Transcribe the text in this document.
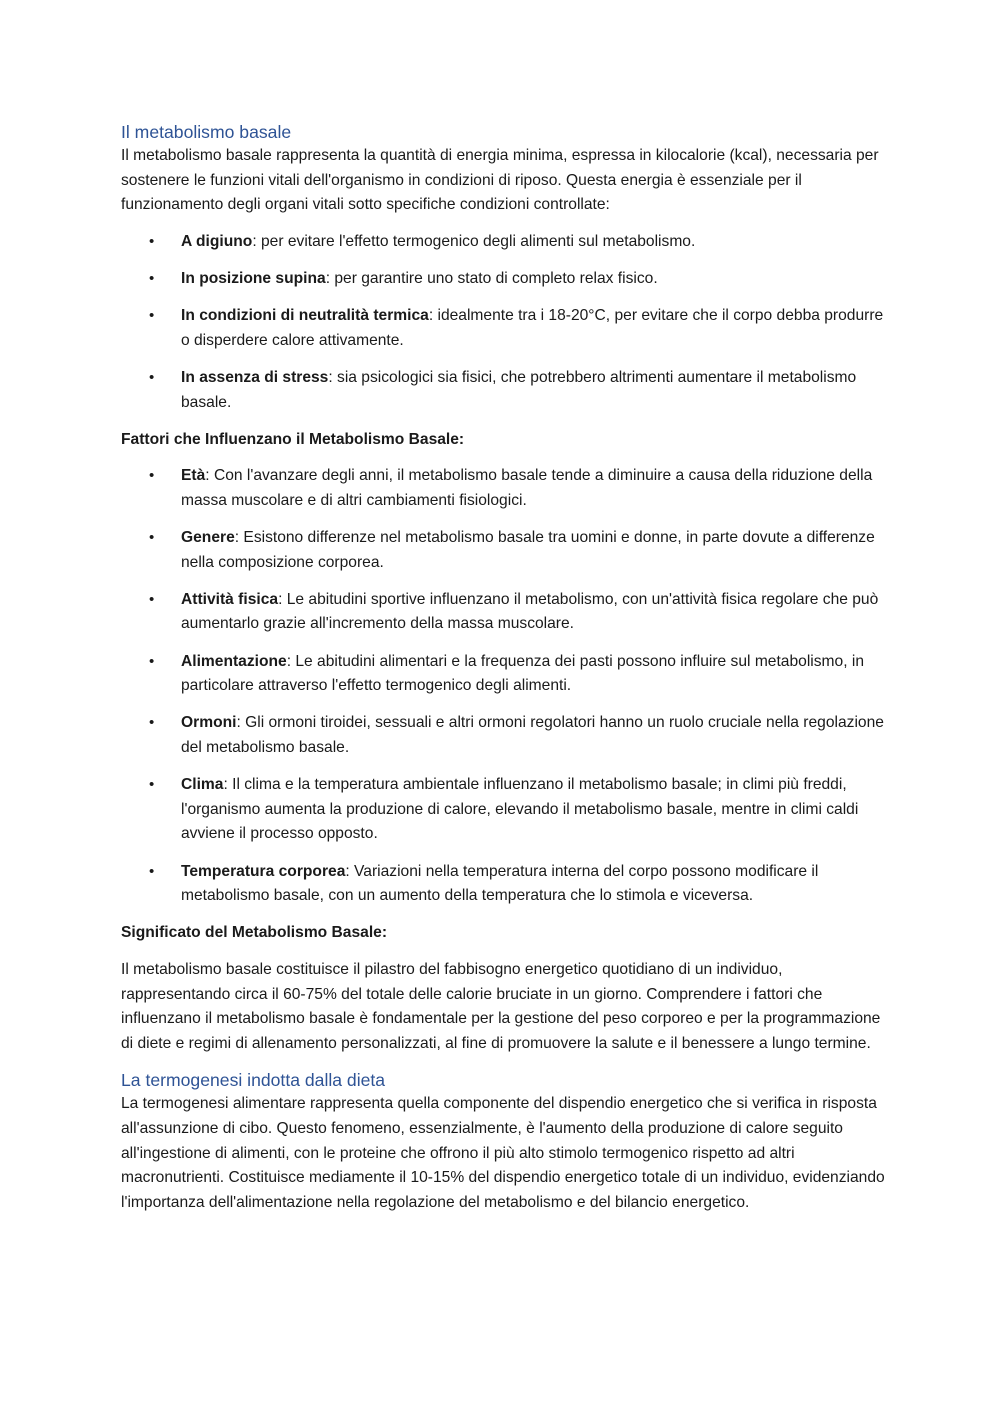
Il metabolismo basale

Il metabolismo basale rappresenta la quantità di energia minima, espressa in kilocalorie (kcal), necessaria per sostenere le funzioni vitali dell'organismo in condizioni di riposo. Questa energia è essenziale per il funzionamento degli organi vitali sotto specifiche condizioni controllate:

• A digiuno: per evitare l'effetto termogenico degli alimenti sul metabolismo.
• In posizione supina: per garantire uno stato di completo relax fisico.
• In condizioni di neutralità termica: idealmente tra i 18-20°C, per evitare che il corpo debba produrre o disperdere calore attivamente.
• In assenza di stress: sia psicologici sia fisici, che potrebbero altrimenti aumentare il metabolismo basale.

Fattori che Influenzano il Metabolismo Basale:

• Età: Con l'avanzare degli anni, il metabolismo basale tende a diminuire a causa della riduzione della massa muscolare e di altri cambiamenti fisiologici.
• Genere: Esistono differenze nel metabolismo basale tra uomini e donne, in parte dovute a differenze nella composizione corporea.
• Attività fisica: Le abitudini sportive influenzano il metabolismo, con un'attività fisica regolare che può aumentarlo grazie all'incremento della massa muscolare.
• Alimentazione: Le abitudini alimentari e la frequenza dei pasti possono influire sul metabolismo, in particolare attraverso l'effetto termogenico degli alimenti.
• Ormoni: Gli ormoni tiroidei, sessuali e altri ormoni regolatori hanno un ruolo cruciale nella regolazione del metabolismo basale.
• Clima: Il clima e la temperatura ambientale influenzano il metabolismo basale; in climi più freddi, l'organismo aumenta la produzione di calore, elevando il metabolismo basale, mentre in climi caldi avviene il processo opposto.
• Temperatura corporea: Variazioni nella temperatura interna del corpo possono modificare il metabolismo basale, con un aumento della temperatura che lo stimola e viceversa.

Significato del Metabolismo Basale:

Il metabolismo basale costituisce il pilastro del fabbisogno energetico quotidiano di un individuo, rappresentando circa il 60-75% del totale delle calorie bruciate in un giorno. Comprendere i fattori che influenzano il metabolismo basale è fondamentale per la gestione del peso corporeo e per la programmazione di diete e regimi di allenamento personalizzati, al fine di promuovere la salute e il benessere a lungo termine.

La termogenesi indotta dalla dieta

La termogenesi alimentare rappresenta quella componente del dispendio energetico che si verifica in risposta all'assunzione di cibo. Questo fenomeno, essenzialmente, è l'aumento della produzione di calore seguito all'ingestione di alimenti, con le proteine che offrono il più alto stimolo termogenico rispetto ad altri macronutrienti. Costituisce mediamente il 10-15% del dispendio energetico totale di un individuo, evidenziando l'importanza dell'alimentazione nella regolazione del metabolismo e del bilancio energetico.
